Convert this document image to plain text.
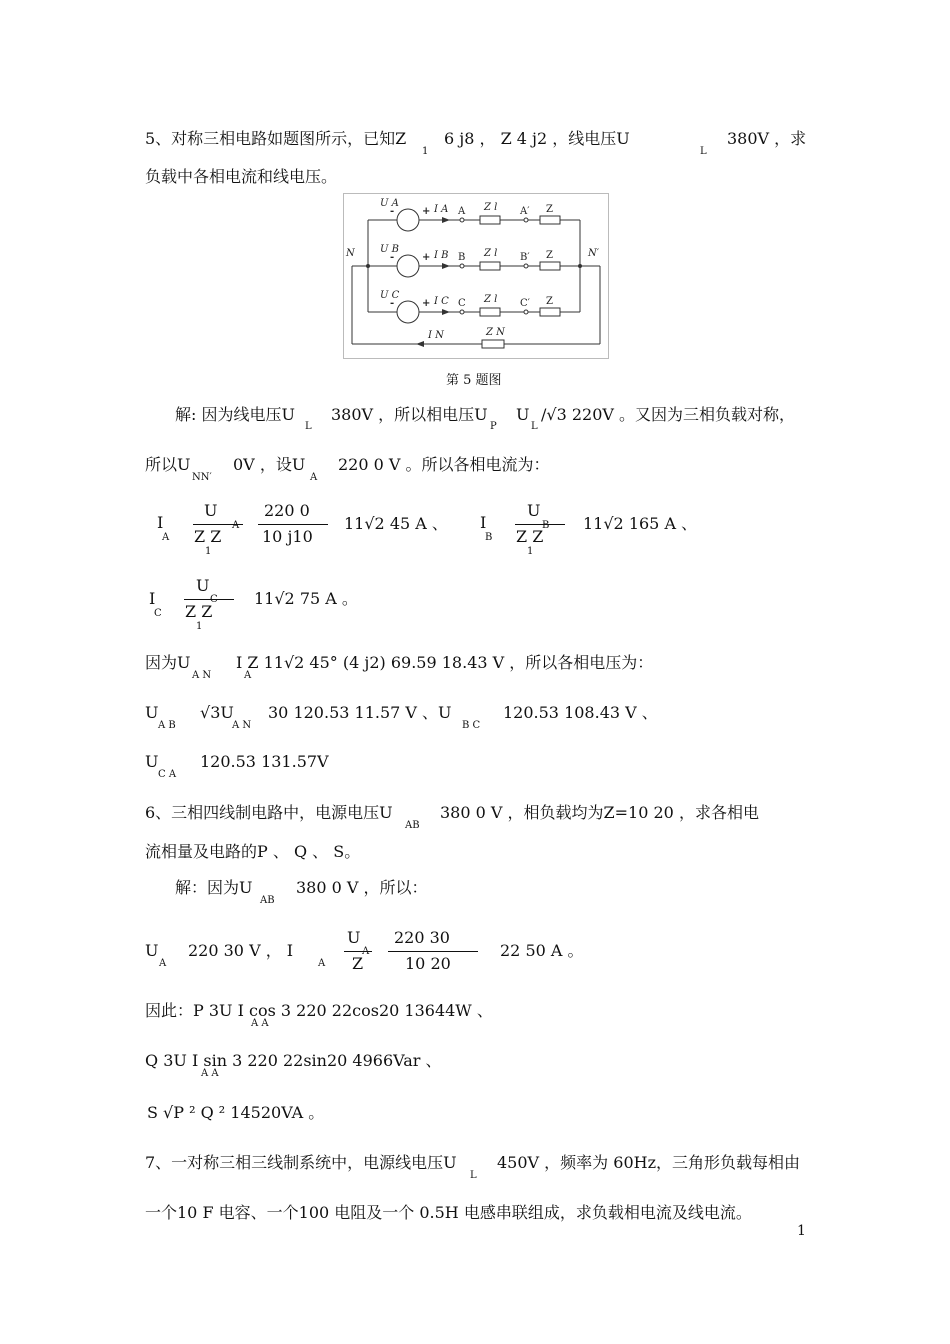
5、对称三相电路如题图所示，已知Z
1
6 j8 ， Z 4 j2 ，线电压U
L
380V ，求
负载中各相电流和线电压。
U A
U B
U C
I A
I B
I C
I N
Z l
Z l
Z l
Z N
N	N′
A
B
C
A′
B′
C′
Z
Z
Z
+
+
+
-
-
-
第 5 题图
解: 因为线电压U
L
380V ，所以相电压U
P
U
L
/√3 220V 。又因为三相负载对称，
所以U
NN′
0V ，设U
A
220 0 V 。所以各相电流为：
I
A
U
A
Z Z
1
220 0
10 j10
11√2 45 A 、 I
B
U
B
Z Z
1
11√2 165 A 、
I
C
U
C
Z Z
1
11√2 75 A 。
因为U
A N
I Z 11√2 45° (4 j2) 69.59 18.43 V ，所以各相电压为：
A
U
A B
√3U
A N
30 120.53 11.57 V 、U
B C
120.53 108.43 V 、
U
C A
120.53 131.57V
6、三相四线制电路中，电源电压U
AB
380 0 V ，相负载均为Z=10 20 ，求各相电
流相量及电路的P 、 Q 、 S。
解：因为U
AB
380 0 V ，所以：
U
A
220 30 V ， I
A
U
A
Z
220 30
10 20
22 50 A 。
因此：P 3U I cos 3 220 22cos20 13644W 、
A A
Q 3U I sin 3 220 22sin20 4966Var 、
A A
S √P ² Q ² 14520VA 。
7、一对称三相三线制系统中，电源线电压U
L
450V ，频率为 60Hz，三角形负载每相由
一个10 F 电容、一个100 电阻及一个 0.5H 电感串联组成，求负载相电流及线电流。
1
